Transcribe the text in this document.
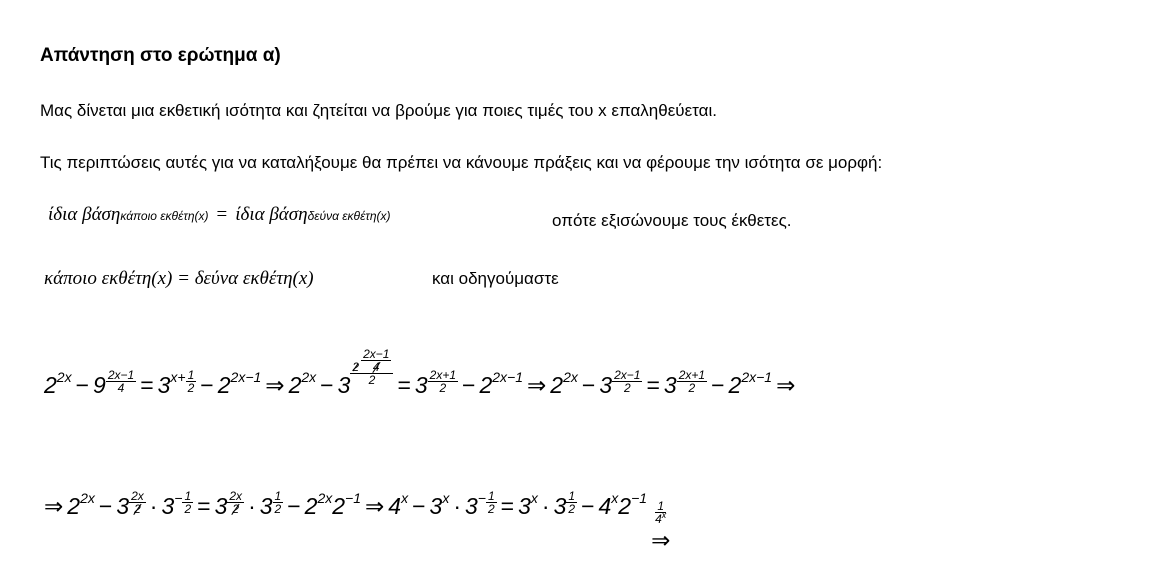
Απάντηση στο ερώτημα α)
Μας δίνεται μια εκθετική ισότητα και ζητείται να βρούμε για ποιες τιμές του x επαληθεύεται.
Τις περιπτώσεις αυτές για να καταλήξουμε θα πρέπει να κάνουμε πράξεις και να φέρουμε την ισότητα σε μορφή:
ίδια βάση κάποιο εκθέτη(x) = ίδια βάση δεύνα εκθέτη(x)	οπότε εξισώνουμε τους έκθετες.
κάποιο εκθέτη(x) = δεύνα εκθέτη(x)	και οδηγούμαστε
2 $2x - 9 \frac{2x-1}{4} = 3$ $x+ \frac{1}{2} - 2$ 2x−1 ⇒ 2 $2x - 3 \frac{2 \frac{2x-1}{4}}{2} = 3 \frac{2x+1}{2} - 2$ 2x−1 ⇒ 2 $2x - 3 \frac{2x-1}{2} = 3 \frac{2x+1}{2} - 2$ 2x−1 ⇒
⇒ 2 $2x - 3 \frac{2x}{2} \cdot 3 - \frac{1}{2} = 3 \frac{2x}{2} \cdot 3 \frac{1}{2} - 2$ 2x 2 −1 ⇒ 4 x − 3 $x \cdot 3 - \frac{1}{2} = 3$ $x \cdot 3 \frac{1}{2} - 4$ x 2 −1
$\frac{1}{4^x}$
⇒
